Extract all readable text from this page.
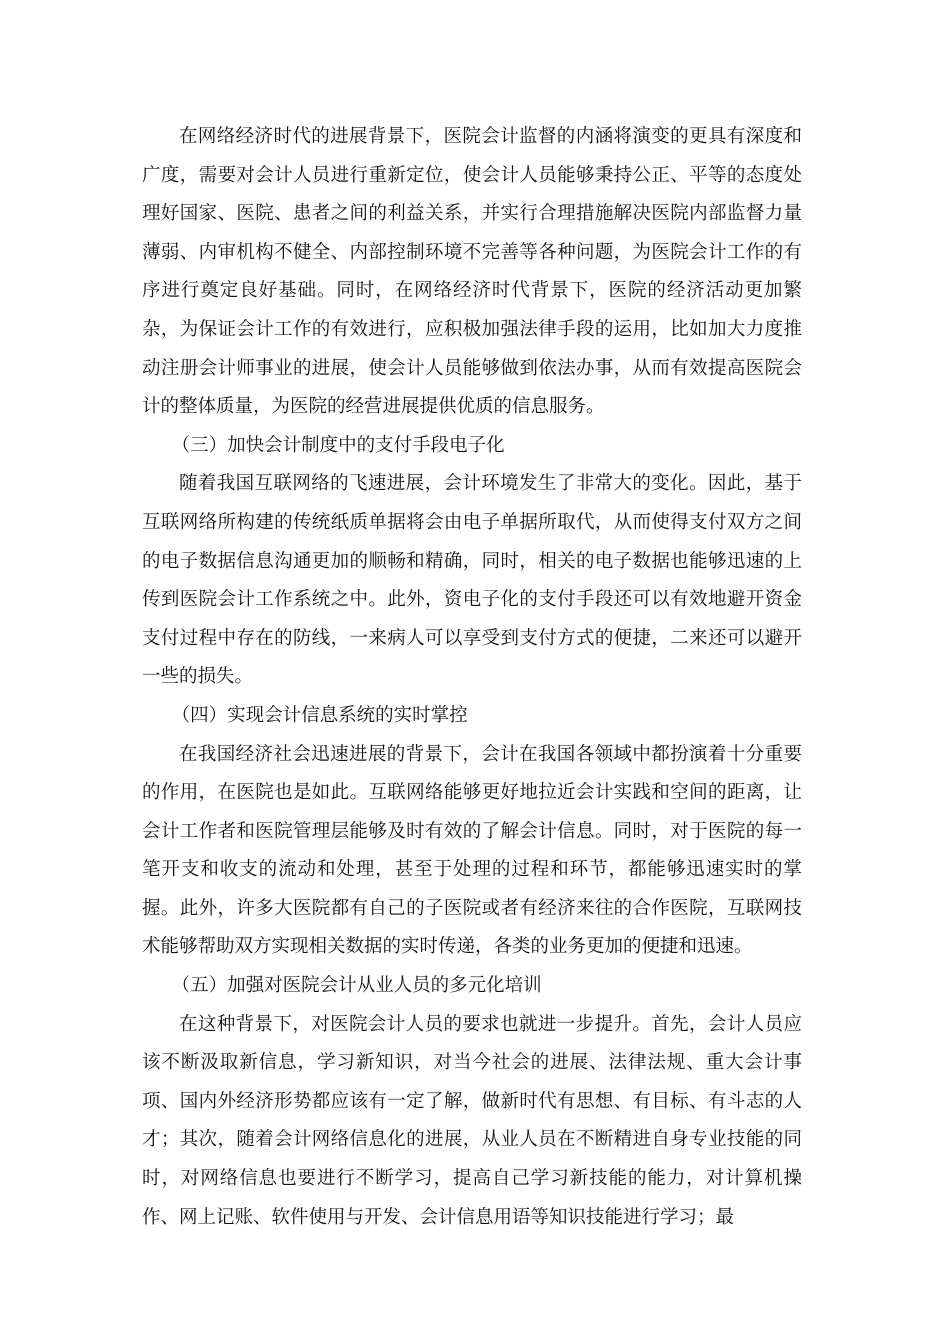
在网络经济时代的进展背景下，医院会计监督的内涵将演变的更具有深度和广度，需要对会计人员进行重新定位，使会计人员能够秉持公正、平等的态度处理好国家、医院、患者之间的利益关系，并实行合理措施解决医院内部监督力量薄弱、内审机构不健全、内部控制环境不完善等各种问题，为医院会计工作的有序进行奠定良好基础。同时，在网络经济时代背景下，医院的经济活动更加繁杂，为保证会计工作的有效进行，应积极加强法律手段的运用，比如加大力度推动注册会计师事业的进展，使会计人员能够做到依法办事，从而有效提高医院会计的整体质量，为医院的经营进展提供优质的信息服务。

（三）加快会计制度中的支付手段电子化

随着我国互联网络的飞速进展，会计环境发生了非常大的变化。因此，基于互联网络所构建的传统纸质单据将会由电子单据所取代，从而使得支付双方之间的电子数据信息沟通更加的顺畅和精确，同时，相关的电子数据也能够迅速的上传到医院会计工作系统之中。此外，资电子化的支付手段还可以有效地避开资金支付过程中存在的防线，一来病人可以享受到支付方式的便捷，二来还可以避开一些的损失。

（四）实现会计信息系统的实时掌控

在我国经济社会迅速进展的背景下，会计在我国各领域中都扮演着十分重要的作用，在医院也是如此。互联网络能够更好地拉近会计实践和空间的距离，让会计工作者和医院管理层能够及时有效的了解会计信息。同时，对于医院的每一笔开支和收支的流动和处理，甚至于处理的过程和环节，都能够迅速实时的掌握。此外，许多大医院都有自己的子医院或者有经济来往的合作医院，互联网技术能够帮助双方实现相关数据的实时传递，各类的业务更加的便捷和迅速。

（五）加强对医院会计从业人员的多元化培训

在这种背景下，对医院会计人员的要求也就进一步提升。首先，会计人员应该不断汲取新信息，学习新知识，对当今社会的进展、法律法规、重大会计事项、国内外经济形势都应该有一定了解，做新时代有思想、有目标、有斗志的人才；其次，随着会计网络信息化的进展，从业人员在不断精进自身专业技能的同时，对网络信息也要进行不断学习，提高自己学习新技能的能力，对计算机操作、网上记账、软件使用与开发、会计信息用语等知识技能进行学习；最
